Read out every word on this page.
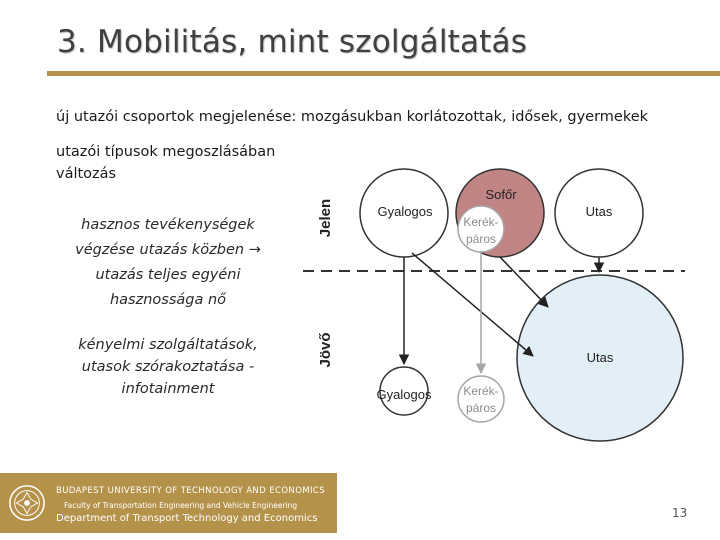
3. Mobilitás, mint szolgáltatás
új utazói csoportok megjelenése: mozgásukban korlátozottak, idősek, gyermekek
utazói típusok megoszlásában változás
hasznos tevékenységek végzése utazás közben → utazás teljes egyéni hasznossága nő
kényelmi szolgáltatások, utasok szórakoztatása - infotainment
Jelen
Jövő
Gyalogos
Sofőr
Utas
Kerék-
páros
Gyalogos	Kerék-
páros
Utas
BUDAPEST UNIVERSITY OF TECHNOLOGY AND ECONOMICS
Faculty of Transportation Engineering and Vehicle Engineering
Department of Transport Technology and Economics	13
